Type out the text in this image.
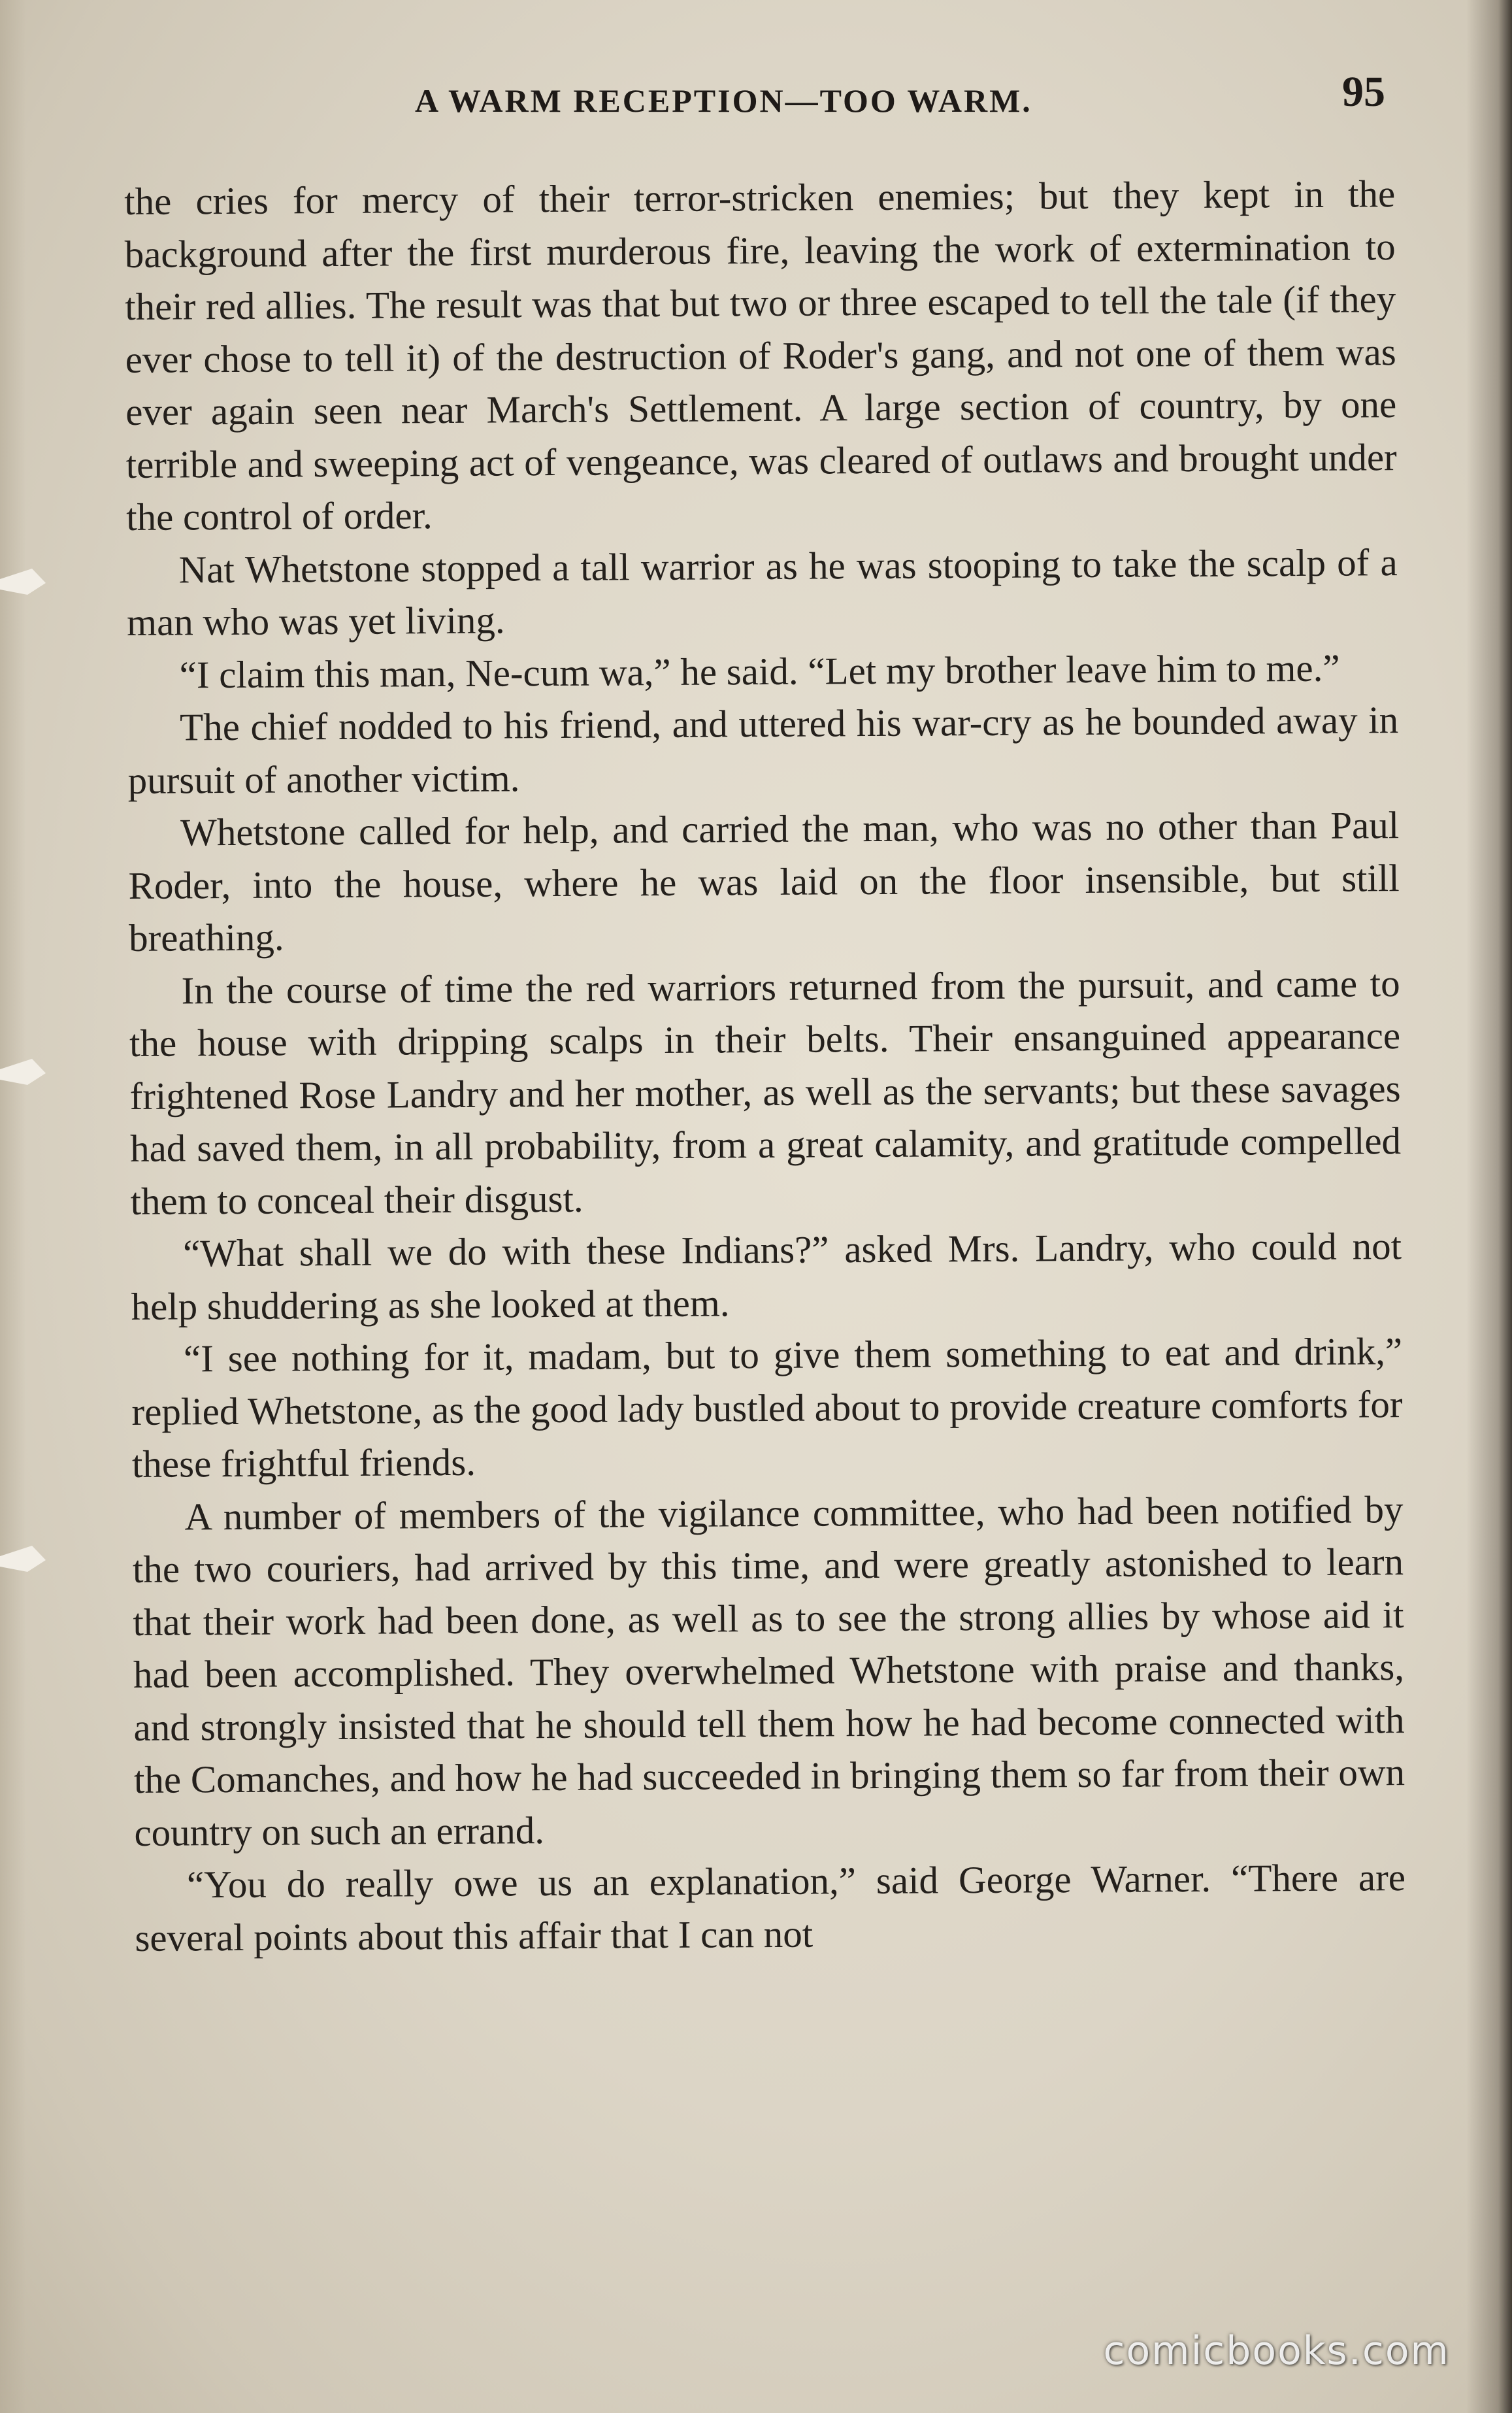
A WARM RECEPTION—TOO WARM.	95

the cries for mercy of their terror-stricken enemies; but they kept in the background after the first murderous fire, leaving the work of extermination to their red allies. The result was that but two or three escaped to tell the tale (if they ever chose to tell it) of the destruction of Roder's gang, and not one of them was ever again seen near March's Settlement. A large section of country, by one terrible and sweeping act of vengeance, was cleared of outlaws and brought under the control of order.

Nat Whetstone stopped a tall warrior as he was stooping to take the scalp of a man who was yet living.

“I claim this man, Ne-cum wa,” he said. “Let my brother leave him to me.”

The chief nodded to his friend, and uttered his war-cry as he bounded away in pursuit of another victim.

Whetstone called for help, and carried the man, who was no other than Paul Roder, into the house, where he was laid on the floor insensible, but still breathing.

In the course of time the red warriors returned from the pursuit, and came to the house with dripping scalps in their belts. Their ensanguined appearance frightened Rose Landry and her mother, as well as the servants; but these savages had saved them, in all probability, from a great calamity, and gratitude compelled them to conceal their disgust.

“What shall we do with these Indians?” asked Mrs. Landry, who could not help shuddering as she looked at them.

“I see nothing for it, madam, but to give them something to eat and drink,” replied Whetstone, as the good lady bustled about to provide creature comforts for these frightful friends.

A number of members of the vigilance committee, who had been notified by the two couriers, had arrived by this time, and were greatly astonished to learn that their work had been done, as well as to see the strong allies by whose aid it had been accomplished. They overwhelmed Whetstone with praise and thanks, and strongly insisted that he should tell them how he had become connected with the Comanches, and how he had succeeded in bringing them so far from their own country on such an errand.

“You do really owe us an explanation,” said George Warner. “There are several points about this affair that I can not

comicbooks.com
